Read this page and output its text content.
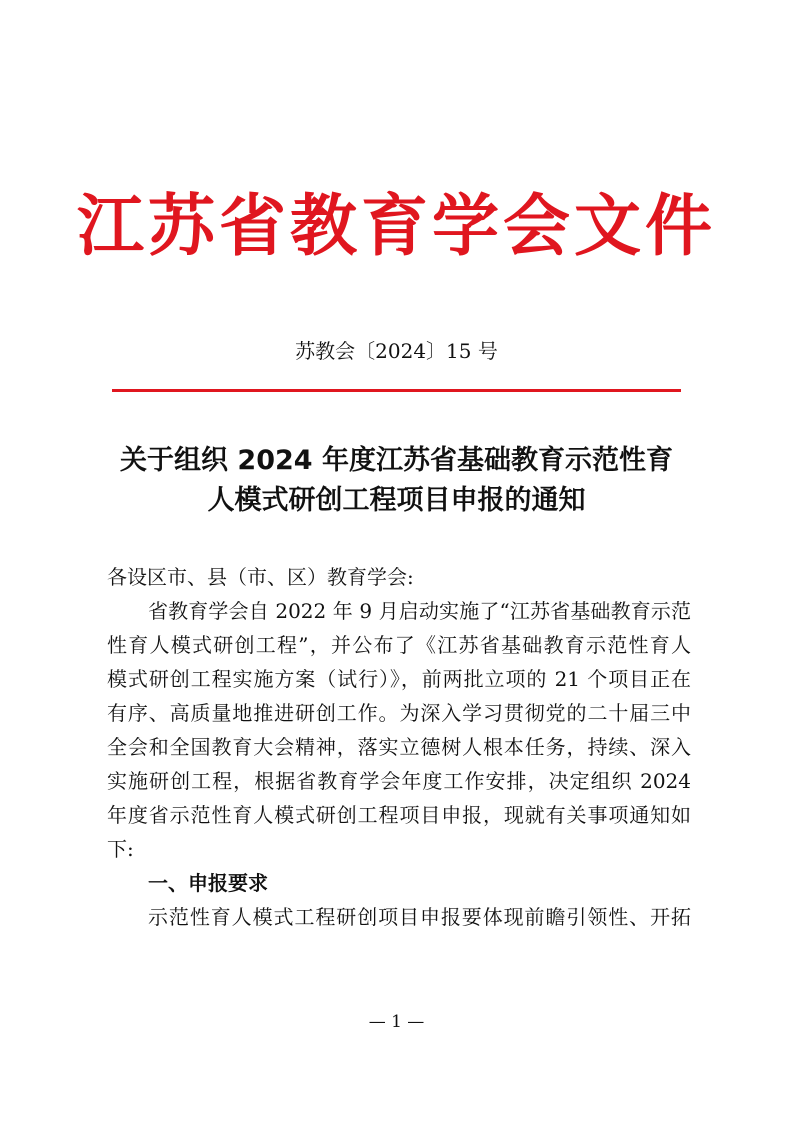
江苏省教育学会文件
苏教会〔2024〕15 号
关于组织 2024 年度江苏省基础教育示范性育
人模式研创工程项目申报的通知
各设区市、县（市、区）教育学会:
省教育学会自 2022 年 9 月启动实施了“江苏省基础教育示范
性育人模式研创工程”，并公布了《江苏省基础教育示范性育人
模式研创工程实施方案（试行）》，前两批立项的 21 个项目正在
有序、高质量地推进研创工作。为深入学习贯彻党的二十届三中
全会和全国教育大会精神，落实立德树人根本任务，持续、深入
实施研创工程，根据省教育学会年度工作安排，决定组织 2024
年度省示范性育人模式研创工程项目申报，现就有关事项通知如
下:
一、申报要求
示范性育人模式工程研创项目申报要体现前瞻引领性、开拓
— 1 —
